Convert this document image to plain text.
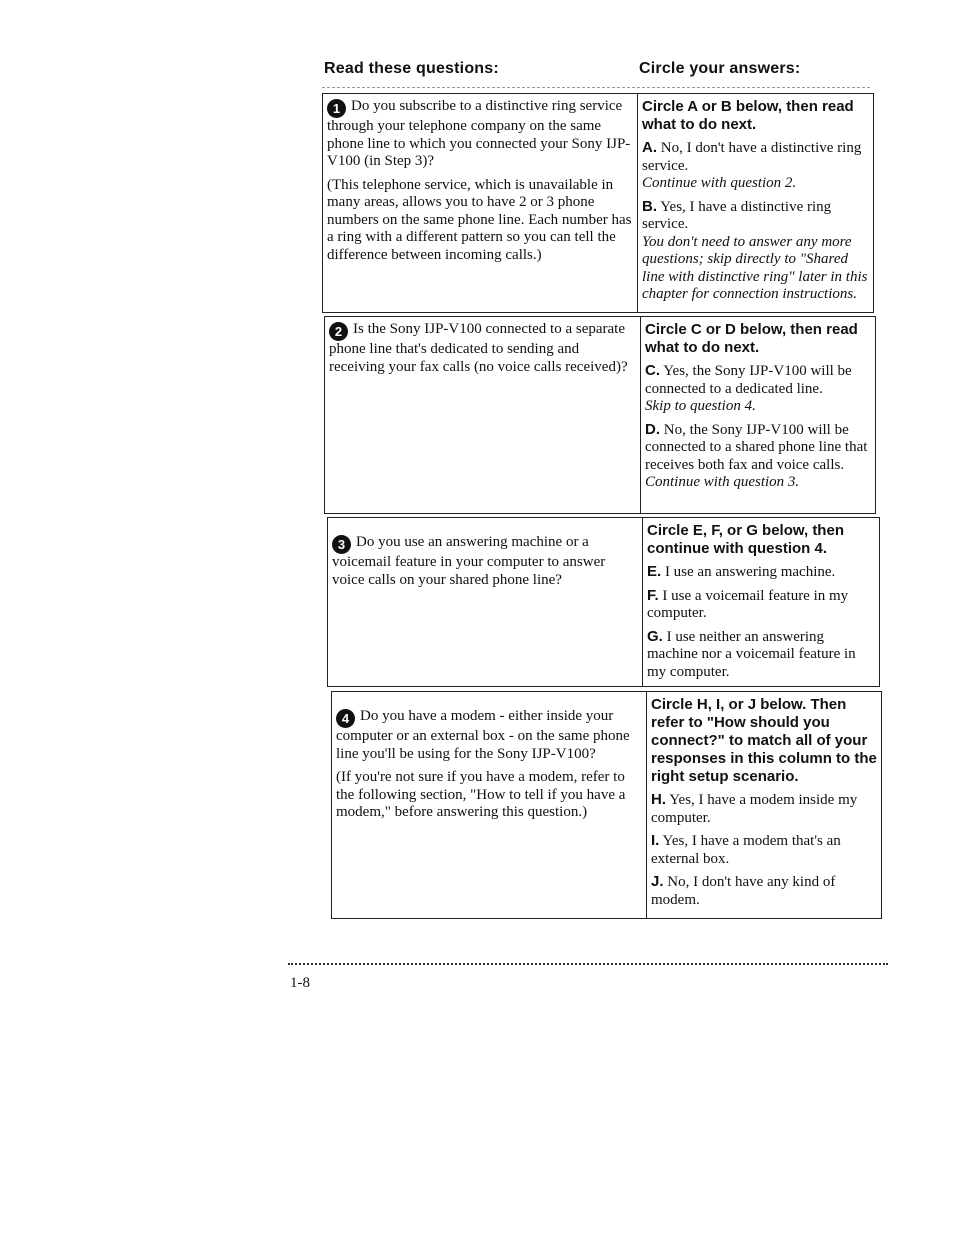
Read these questions:	Circle your answers:

1 Do you subscribe to a distinctive ring service through your telephone company on the same phone line to which you connected your Sony IJP-V100 (in Step 3)?

(This telephone service, which is unavailable in many areas, allows you to have 2 or 3 phone numbers on the same phone line. Each number has a ring with a different pattern so you can tell the difference between incoming calls.)

Circle A or B below, then read what to do next.

A. No, I don't have a distinctive ring service.
Continue with question 2.
B. Yes, I have a distinctive ring service.
You don't need to answer any more questions; skip directly to "Shared line with distinctive ring" later in this chapter for connection instructions.

2 Is the Sony IJP-V100 connected to a separate phone line that's dedicated to sending and receiving your fax calls (no voice calls received)?

Circle C or D below, then read what to do next.

C. Yes, the Sony IJP-V100 will be connected to a dedicated line.
Skip to question 4.
D. No, the Sony IJP-V100 will be connected to a shared phone line that receives both fax and voice calls.
Continue with question 3.

3 Do you use an answering machine or a voicemail feature in your computer to answer voice calls on your shared phone line?

Circle E, F, or G below, then continue with question 4.

E. I use an answering machine.
F. I use a voicemail feature in my computer.
G. I use neither an answering machine nor a voicemail feature in my computer.

4 Do you have a modem - either inside your computer or an external box - on the same phone line you'll be using for the Sony IJP-V100?

(If you're not sure if you have a modem, refer to the following section, "How to tell if you have a modem," before answering this question.)

Circle H, I, or J below. Then refer to "How should you connect?" to match all of your responses in this column to the right setup scenario.

H. Yes, I have a modem inside my computer.
I. Yes, I have a modem that's an external box.
J. No, I don't have any kind of modem.
1-8
